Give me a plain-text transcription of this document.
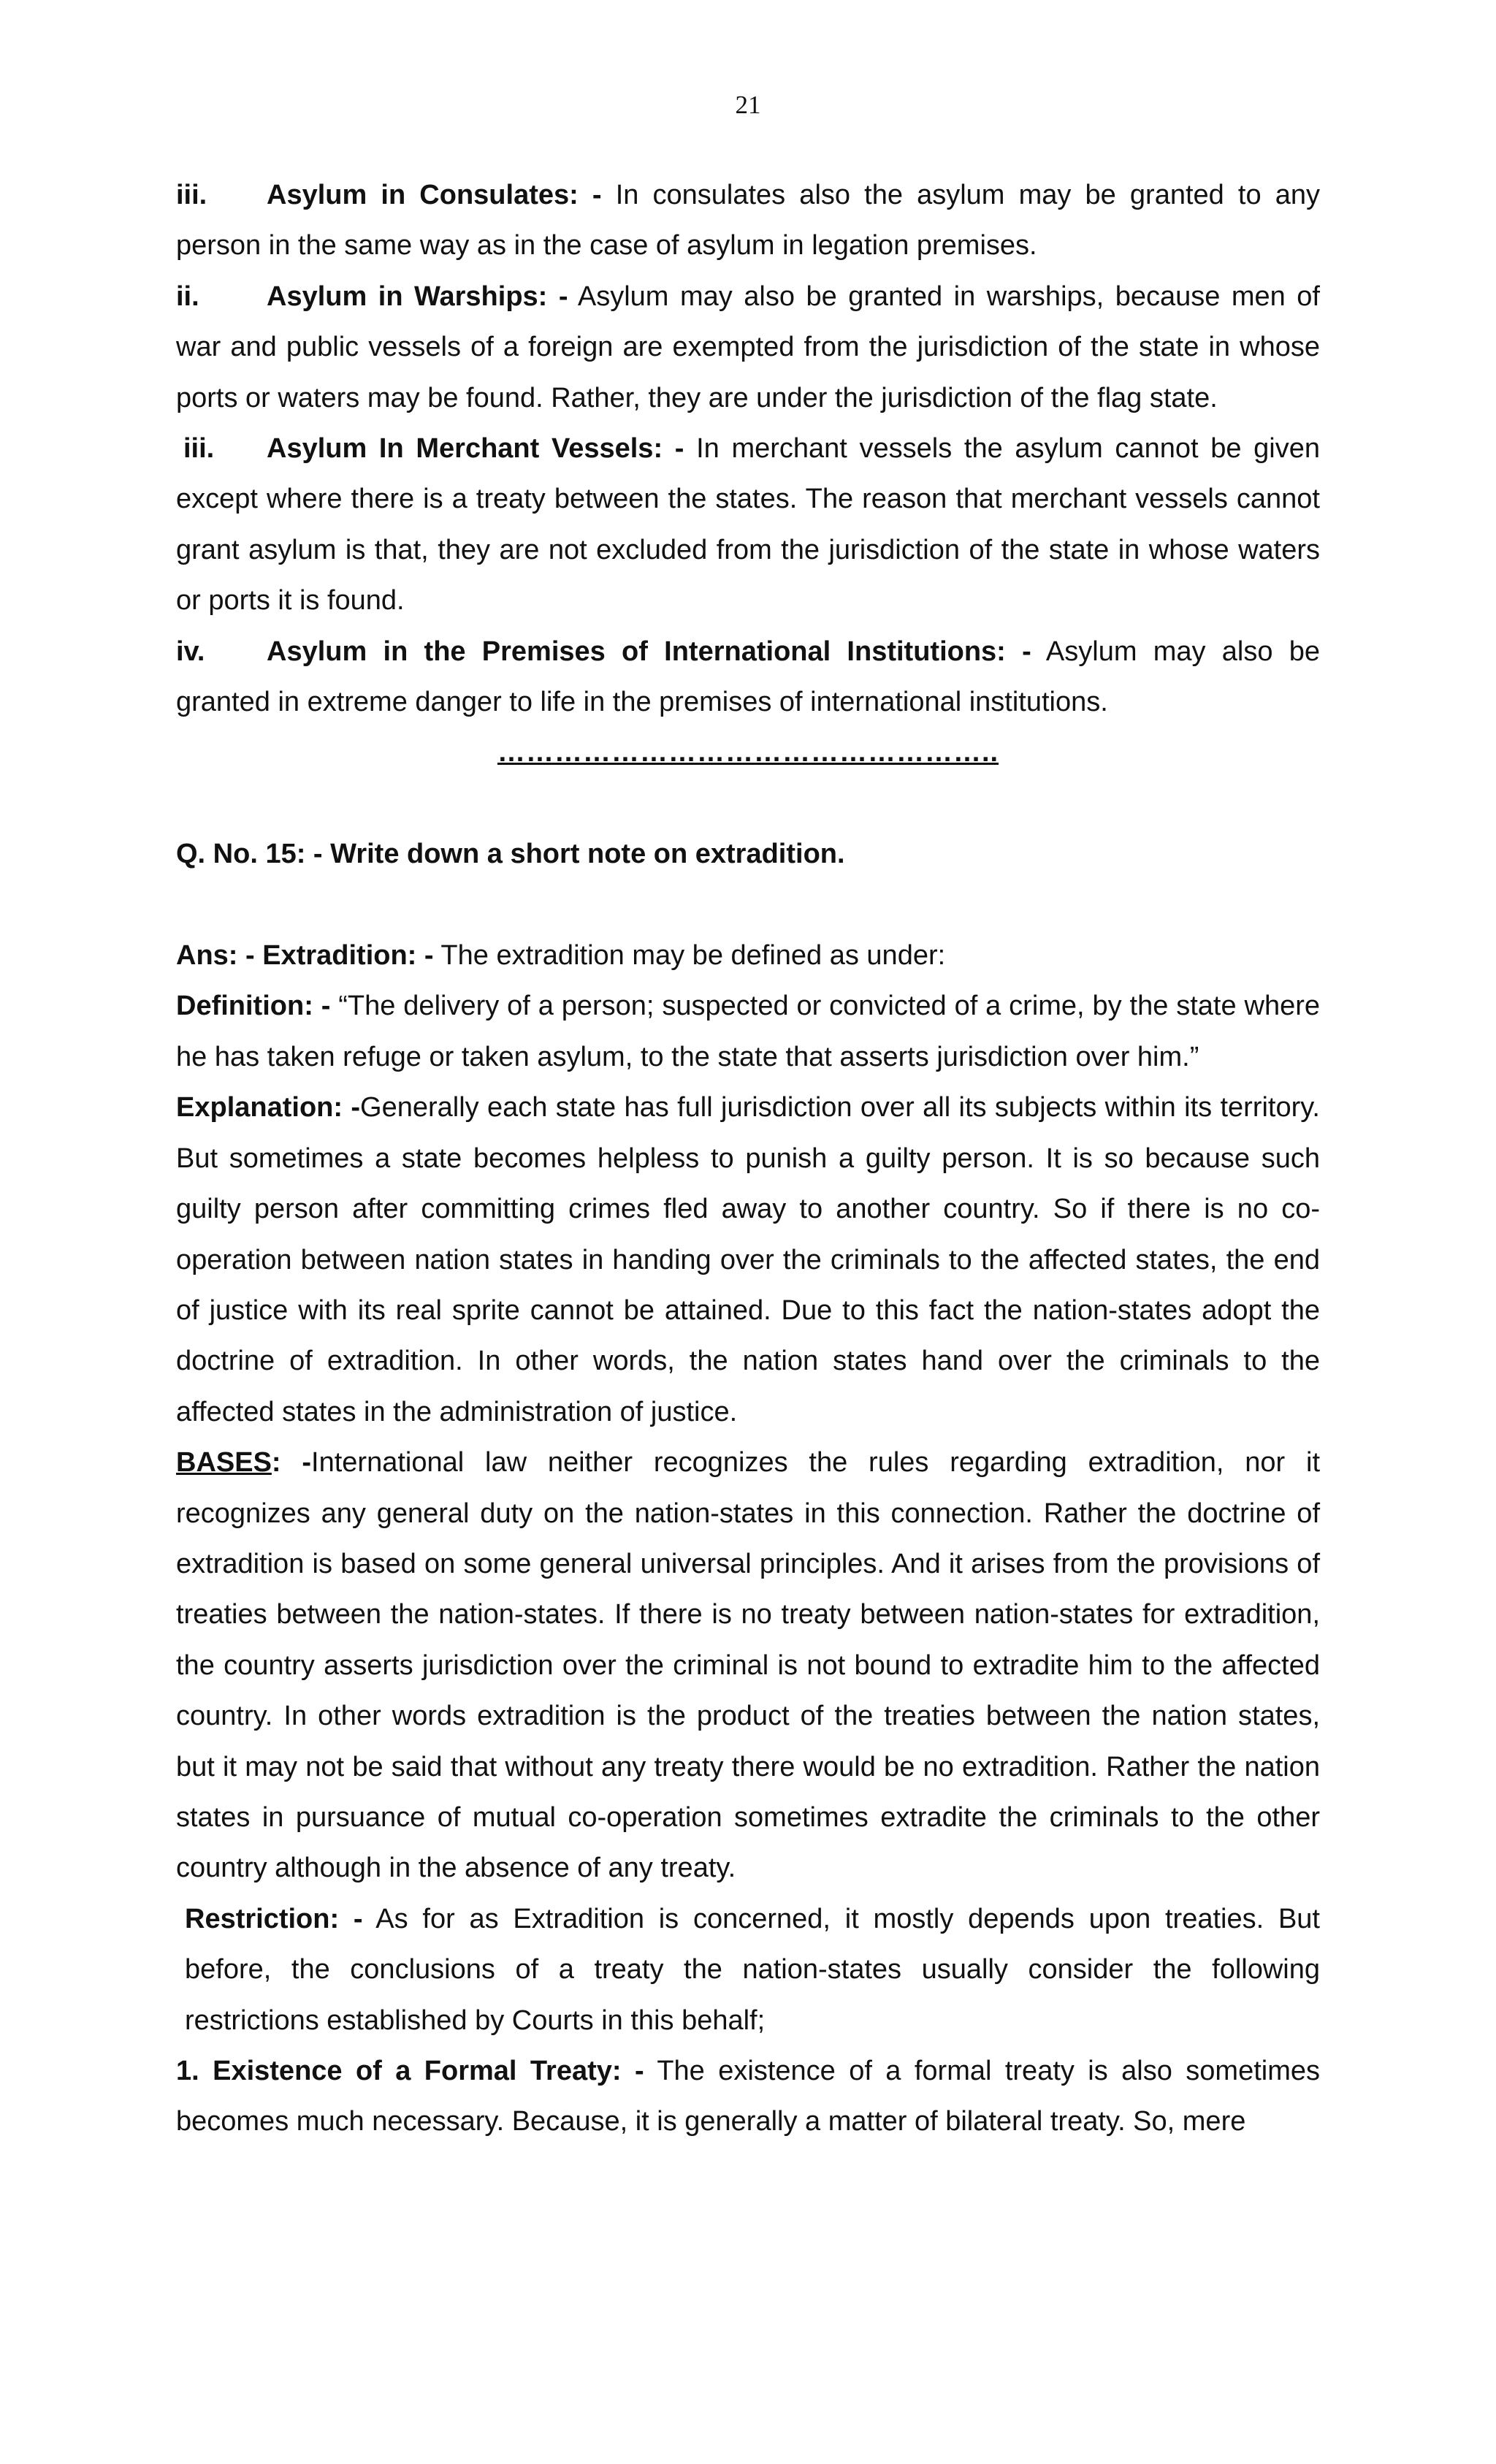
21

iii. Asylum in Consulates: - In consulates also the asylum may be granted to any person in the same way as in the case of asylum in legation premises.

ii. Asylum in Warships: - Asylum may also be granted in warships, because men of war and public vessels of a foreign are exempted from the jurisdiction of the state in whose ports or waters may be found. Rather, they are under the jurisdiction of the flag state.

iii. Asylum In Merchant Vessels: - In merchant vessels the asylum cannot be given except where there is a treaty between the states. The reason that merchant vessels cannot grant asylum is that, they are not excluded from the jurisdiction of the state in whose waters or ports it is found.

iv. Asylum in the Premises of International Institutions: - Asylum may also be granted in extreme danger to life in the premises of international institutions.

……………………………………………..

Q. No. 15: - Write down a short note on extradition.

Ans: - Extradition: - The extradition may be defined as under:

Definition: - “The delivery of a person; suspected or convicted of a crime, by the state where he has taken refuge or taken asylum, to the state that asserts jurisdiction over him.”

Explanation: -Generally each state has full jurisdiction over all its subjects within its territory. But sometimes a state becomes helpless to punish a guilty person. It is so because such guilty person after committing crimes fled away to another country. So if there is no co-operation between nation states in handing over the criminals to the affected states, the end of justice with its real sprite cannot be attained. Due to this fact the nation-states adopt the doctrine of extradition. In other words, the nation states hand over the criminals to the affected states in the administration of justice.

BASES: -International law neither recognizes the rules regarding extradition, nor it recognizes any general duty on the nation-states in this connection. Rather the doctrine of extradition is based on some general universal principles. And it arises from the provisions of treaties between the nation-states. If there is no treaty between nation-states for extradition, the country asserts jurisdiction over the criminal is not bound to extradite him to the affected country. In other words extradition is the product of the treaties between the nation states, but it may not be said that without any treaty there would be no extradition. Rather the nation states in pursuance of mutual co-operation sometimes extradite the criminals to the other country although in the absence of any treaty.

Restriction: - As for as Extradition is concerned, it mostly depends upon treaties. But before, the conclusions of a treaty the nation-states usually consider the following restrictions established by Courts in this behalf;

1. Existence of a Formal Treaty: - The existence of a formal treaty is also sometimes becomes much necessary. Because, it is generally a matter of bilateral treaty. So, mere
